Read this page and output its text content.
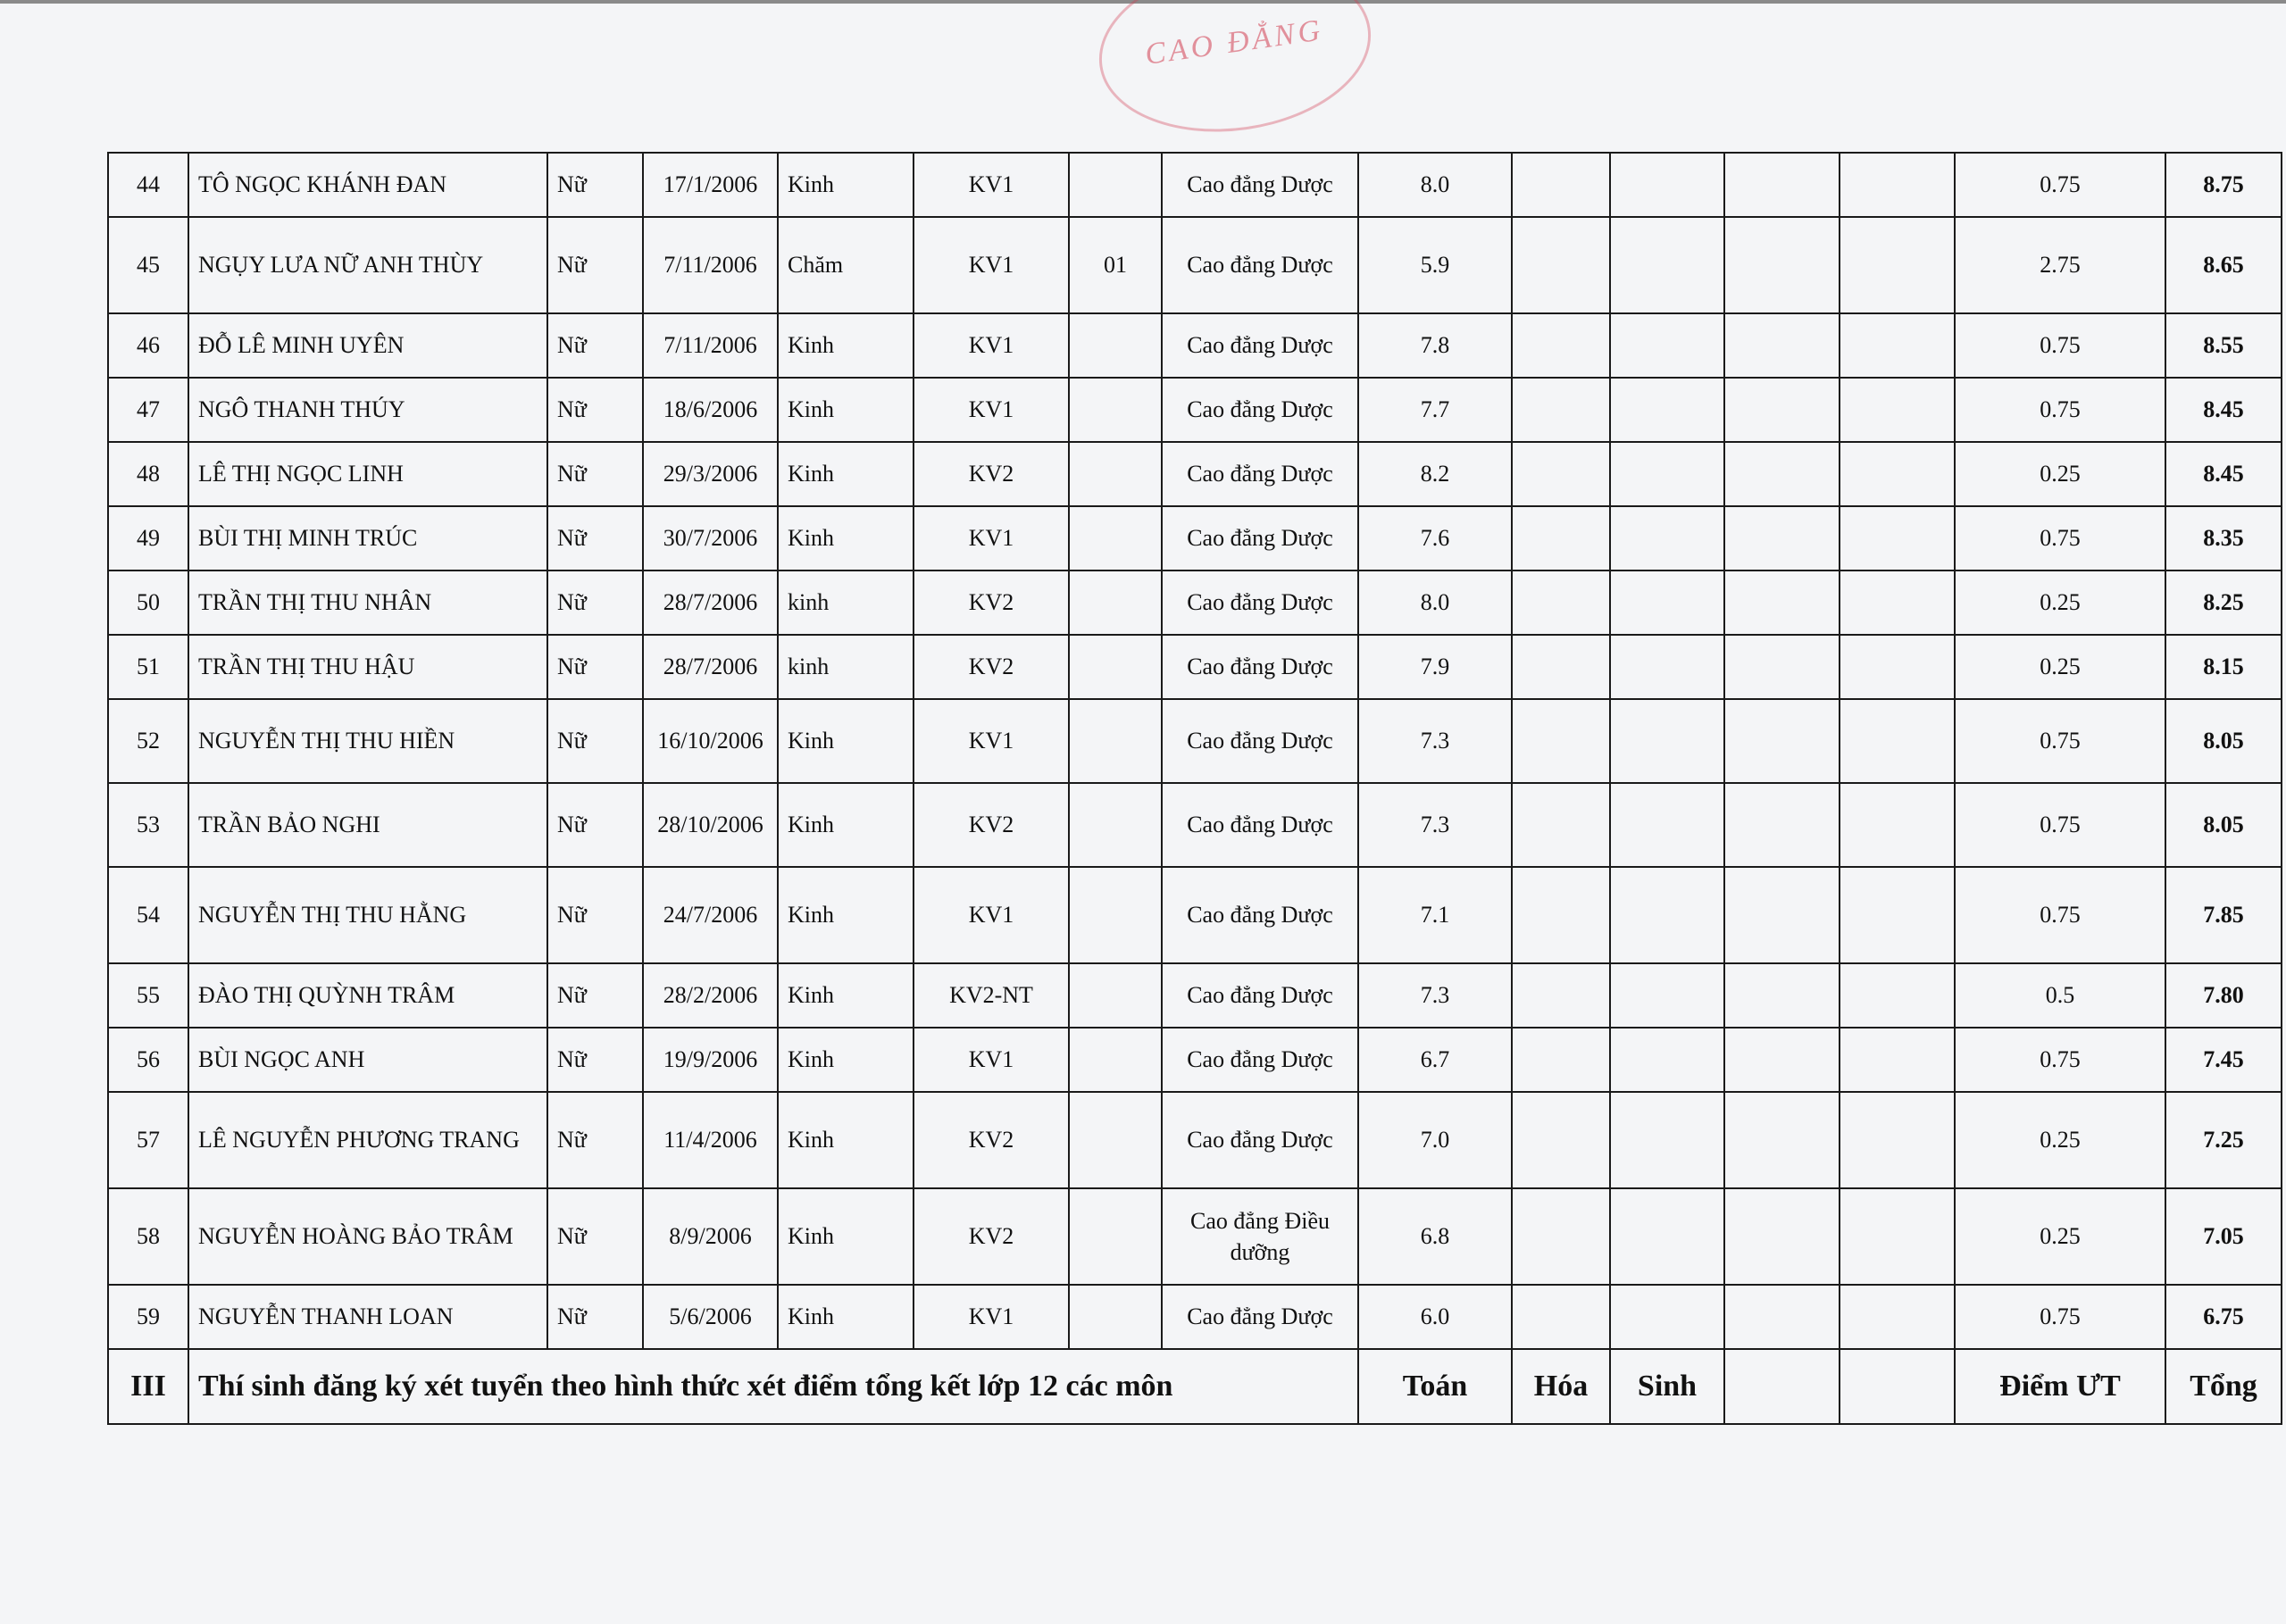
CAO ĐẲNG
44	TÔ NGỌC KHÁNH ĐAN	Nữ	17/1/2006	Kinh	KV1		Cao đẳng Dược	8.0					0.75	8.75
45	NGỤY LƯA NỮ ANH THÙY	Nữ	7/11/2006	Chăm	KV1	01	Cao đẳng Dược	5.9					2.75	8.65
46	ĐỖ LÊ MINH UYÊN	Nữ	7/11/2006	Kinh	KV1		Cao đẳng Dược	7.8					0.75	8.55
47	NGÔ THANH THÚY	Nữ	18/6/2006	Kinh	KV1		Cao đẳng Dược	7.7					0.75	8.45
48	LÊ THỊ NGỌC LINH	Nữ	29/3/2006	Kinh	KV2		Cao đẳng Dược	8.2					0.25	8.45
49	BÙI THỊ MINH TRÚC	Nữ	30/7/2006	Kinh	KV1		Cao đẳng Dược	7.6					0.75	8.35
50	TRẦN THỊ THU NHÂN	Nữ	28/7/2006	kinh	KV2		Cao đẳng Dược	8.0					0.25	8.25
51	TRẦN THỊ THU HẬU	Nữ	28/7/2006	kinh	KV2		Cao đẳng Dược	7.9					0.25	8.15
52	NGUYỄN THỊ THU HIỀN	Nữ	16/10/2006	Kinh	KV1		Cao đẳng Dược	7.3					0.75	8.05
53	TRẦN BẢO NGHI	Nữ	28/10/2006	Kinh	KV2		Cao đẳng Dược	7.3					0.75	8.05
54	NGUYỄN THỊ THU HẰNG	Nữ	24/7/2006	Kinh	KV1		Cao đẳng Dược	7.1					0.75	7.85
55	ĐÀO THỊ QUỲNH TRÂM	Nữ	28/2/2006	Kinh	KV2-NT		Cao đẳng Dược	7.3					0.5	7.80
56	BÙI NGỌC ANH	Nữ	19/9/2006	Kinh	KV1		Cao đẳng Dược	6.7					0.75	7.45
57	LÊ NGUYỄN PHƯƠNG TRANG	Nữ	11/4/2006	Kinh	KV2		Cao đẳng Dược	7.0					0.25	7.25
58	NGUYỄN HOÀNG BẢO TRÂM	Nữ	8/9/2006	Kinh	KV2		Cao đẳng Điều dưỡng	6.8					0.25	7.05
59	NGUYỄN THANH LOAN	Nữ	5/6/2006	Kinh	KV1		Cao đẳng Dược	6.0					0.75	6.75
III	Thí sinh đăng ký xét tuyển theo hình thức xét điểm tổng kết lớp 12 các môn							Toán	Hóa	Sinh			Điểm ƯT	Tổng
